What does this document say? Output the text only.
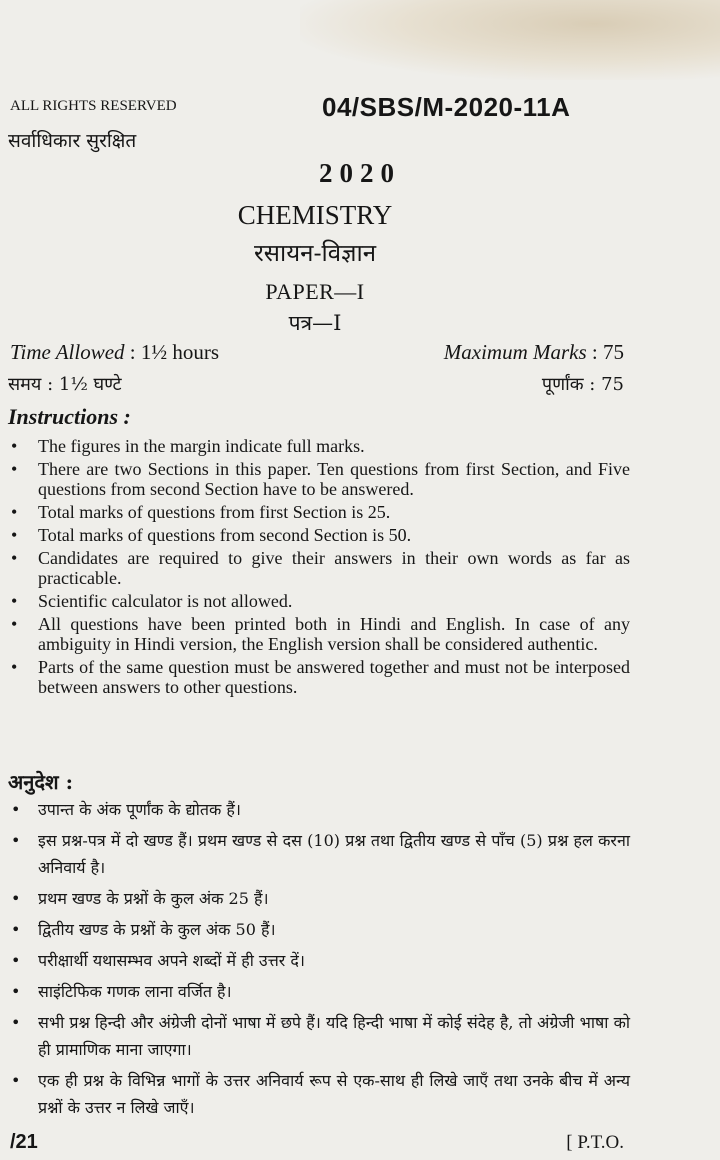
ALL RIGHTS RESERVED
सर्वाधिकार सुरक्षित
04/SBS/M-2020-11A
2020
CHEMISTRY
रसायन-विज्ञान
PAPER—I
पत्र—I
Time Allowed : 1½ hours	Maximum Marks : 75
समय : 1½ घण्टे	पूर्णांक : 75
Instructions :
• The figures in the margin indicate full marks.
• There are two Sections in this paper. Ten questions from first Section, and Five questions from second Section have to be answered.
• Total marks of questions from first Section is 25.
• Total marks of questions from second Section is 50.
• Candidates are required to give their answers in their own words as far as practicable.
• Scientific calculator is not allowed.
• All questions have been printed both in Hindi and English. In case of any ambiguity in Hindi version, the English version shall be considered authentic.
• Parts of the same question must be answered together and must not be interposed between answers to other questions.
अनुदेश :
• उपान्त के अंक पूर्णांक के द्योतक हैं।
• इस प्रश्न-पत्र में दो खण्ड हैं। प्रथम खण्ड से दस (10) प्रश्न तथा द्वितीय खण्ड से पाँच (5) प्रश्न हल करना अनिवार्य है।
• प्रथम खण्ड के प्रश्नों के कुल अंक 25 हैं।
• द्वितीय खण्ड के प्रश्नों के कुल अंक 50 हैं।
• परीक्षार्थी यथासम्भव अपने शब्दों में ही उत्तर दें।
• साइंटिफिक गणक लाना वर्जित है।
• सभी प्रश्न हिन्दी और अंग्रेजी दोनों भाषा में छपे हैं। यदि हिन्दी भाषा में कोई संदेह है, तो अंग्रेजी भाषा को ही प्रामाणिक माना जाएगा।
• एक ही प्रश्न के विभिन्न भागों के उत्तर अनिवार्य रूप से एक-साथ ही लिखे जाएँ तथा उनके बीच में अन्य प्रश्नों के उत्तर न लिखे जाएँ।
/21	[ P.T.O.
